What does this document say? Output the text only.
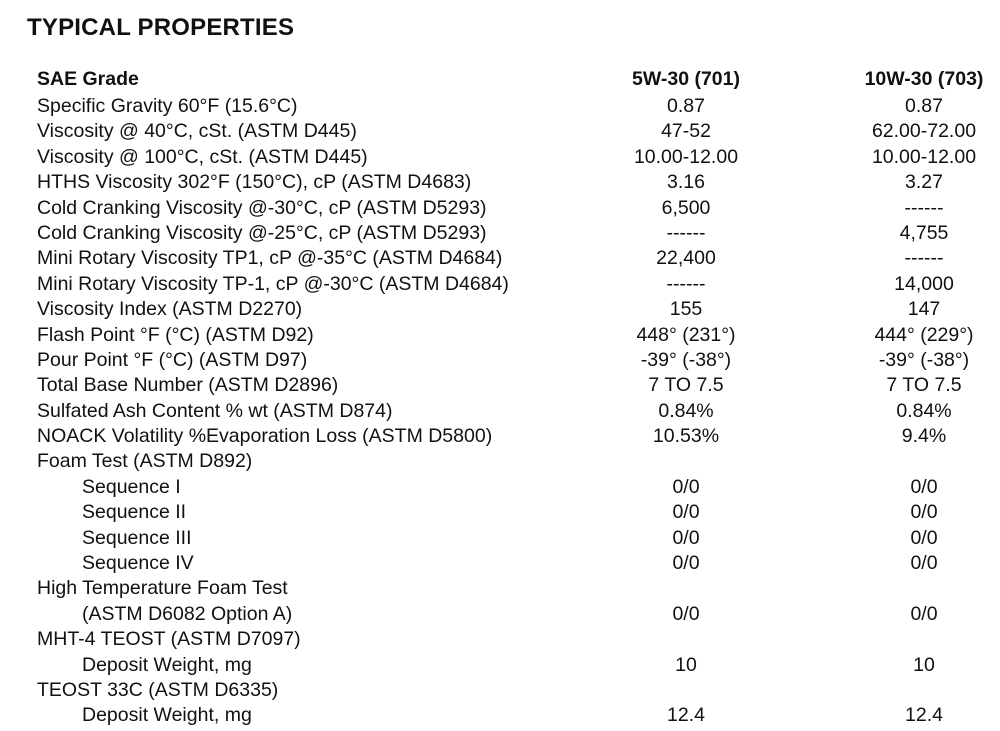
TYPICAL PROPERTIES
SAE Grade	5W-30 (701)	10W-30 (703)
Specific Gravity 60°F (15.6°C)	0.87	0.87
Viscosity @ 40°C, cSt. (ASTM D445)	47-52	62.00-72.00
Viscosity @ 100°C, cSt. (ASTM D445)	10.00-12.00	10.00-12.00
HTHS Viscosity 302°F (150°C), cP (ASTM D4683)	3.16	3.27
Cold Cranking Viscosity @-30°C, cP (ASTM D5293)	6,500	------
Cold Cranking Viscosity @-25°C, cP (ASTM D5293)	------	4,755
Mini Rotary Viscosity TP1, cP @-35°C (ASTM D4684)	22,400	------
Mini Rotary Viscosity TP-1, cP @-30°C (ASTM D4684)	------	14,000
Viscosity Index (ASTM D2270)	155	147
Flash Point °F (°C) (ASTM D92)	448° (231°)	444° (229°)
Pour Point °F (°C) (ASTM D97)	-39° (-38°)	-39° (-38°)
Total Base Number (ASTM D2896)	7 TO 7.5	7 TO 7.5
Sulfated Ash Content % wt (ASTM D874)	0.84%	0.84%
NOACK Volatility %Evaporation Loss (ASTM D5800)	10.53%	9.4%
Foam Test (ASTM D892)
Sequence I	0/0	0/0
Sequence II	0/0	0/0
Sequence III	0/0	0/0
Sequence IV	0/0	0/0
High Temperature Foam Test
(ASTM D6082 Option A)	0/0	0/0
MHT-4 TEOST (ASTM D7097)
Deposit Weight, mg	10	10
TEOST 33C (ASTM D6335)
Deposit Weight, mg	12.4	12.4
